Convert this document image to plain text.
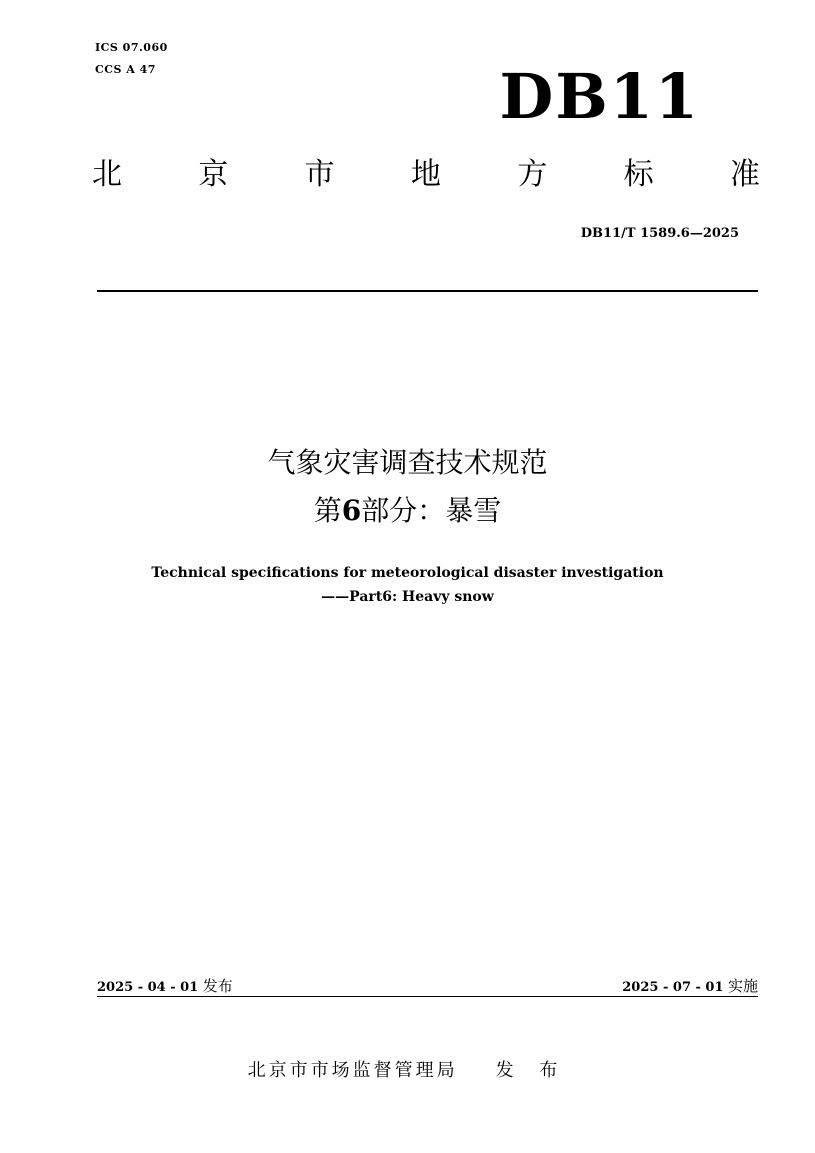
ICS 07.060
CCS A 47	DB11
北	京	市	地	方	标	准
DB11/T 1589.6—2025
气象灾害调查技术规范
第6部分：暴雪
Technical specifications for meteorological disaster investigation
——Part6: Heavy snow
2025 - 04 - 01 发布	2025 - 07 - 01 实施
北京市市场监督管理局 发 布
